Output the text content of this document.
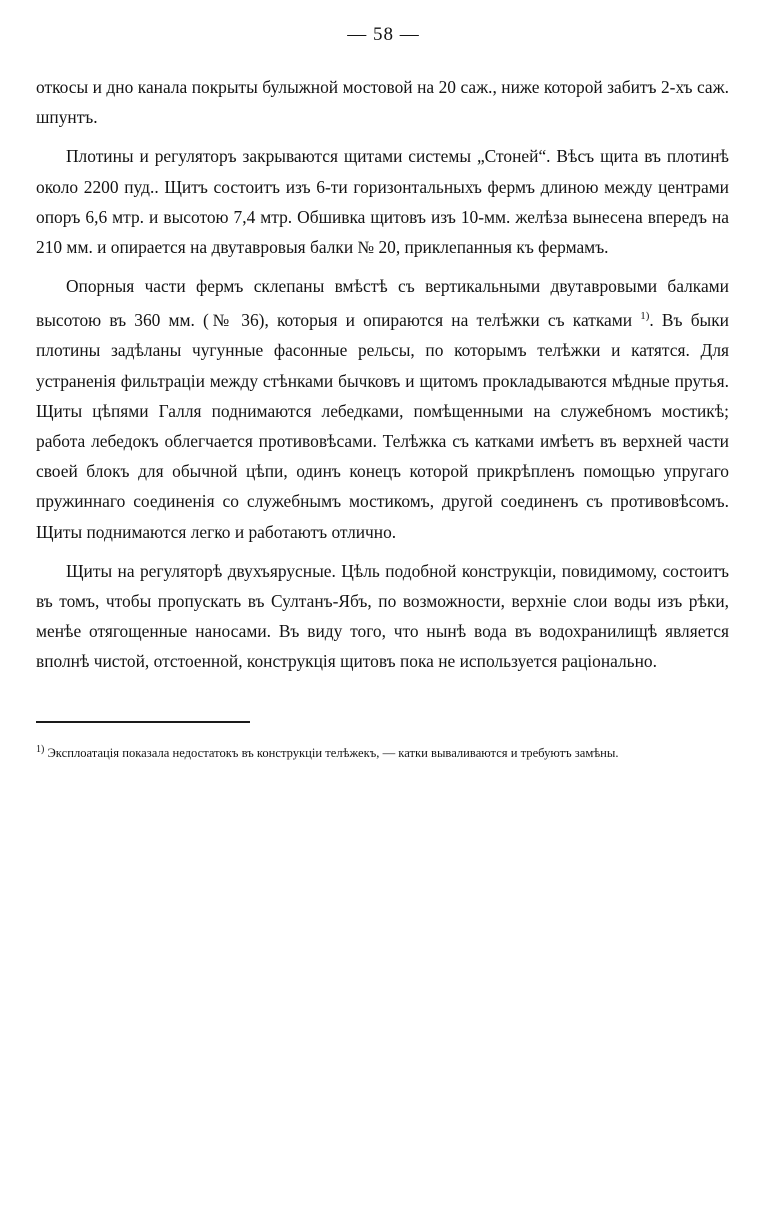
— 58 —

откосы и дно канала покрыты булыжной мостовой на 20 саж., ниже которой забитъ 2-хъ саж. шпунтъ.

Плотины и регуляторъ закрываются щитами системы „Стоней“. Вѣсъ щита въ плотинѣ около 2200 пуд.. Щитъ состоитъ изъ 6-ти горизонтальныхъ фермъ длиною между центрами опоръ 6,6 мтр. и высотою 7,4 мтр. Обшивка щитовъ изъ 10-мм. желѣза вынесена впередъ на 210 мм. и опирается на двутавровыя балки № 20, приклепанныя къ фермамъ.

Опорныя части фермъ склепаны вмѣстѣ съ вертикальными двутавровыми балками высотою въ 360 мм. (№ 36), которыя и опираются на телѣжки съ катками $^{1)}$. Въ быки плотины задѣланы чугунные фасонные рельсы, по которымъ телѣжки и катятся. Для устраненія фильтраціи между стѣнками бычковъ и щитомъ прокладываются мѣдные прутья. Щиты цѣпями Галля поднимаются лебедками, помѣщенными на служебномъ мостикѣ; работа лебедокъ облегчается противовѣсами. Телѣжка съ катками имѣетъ въ верхней части своей блокъ для обычной цѣпи, одинъ конецъ которой прикрѣпленъ помощью упругаго пружиннаго соединенія со служебнымъ мостикомъ, другой соединенъ съ противовѣсомъ. Щиты поднимаются легко и работаютъ отлично.

Щиты на регуляторѣ двухъярусные. Цѣль подобной конструкціи, повидимому, состоитъ въ томъ, чтобы пропускать въ Султанъ-Ябъ, по возможности, верхніе слои воды изъ рѣки, менѣе отягощенные наносами. Въ виду того, что нынѣ вода въ водохранилищѣ является вполнѣ чистой, отстоенной, конструкція щитовъ пока не используется раціонально.

$^{1)}$ Эксплоатація показала недостатокъ въ конструкціи телѣжекъ, — катки вываливаются и требуютъ замѣны.
